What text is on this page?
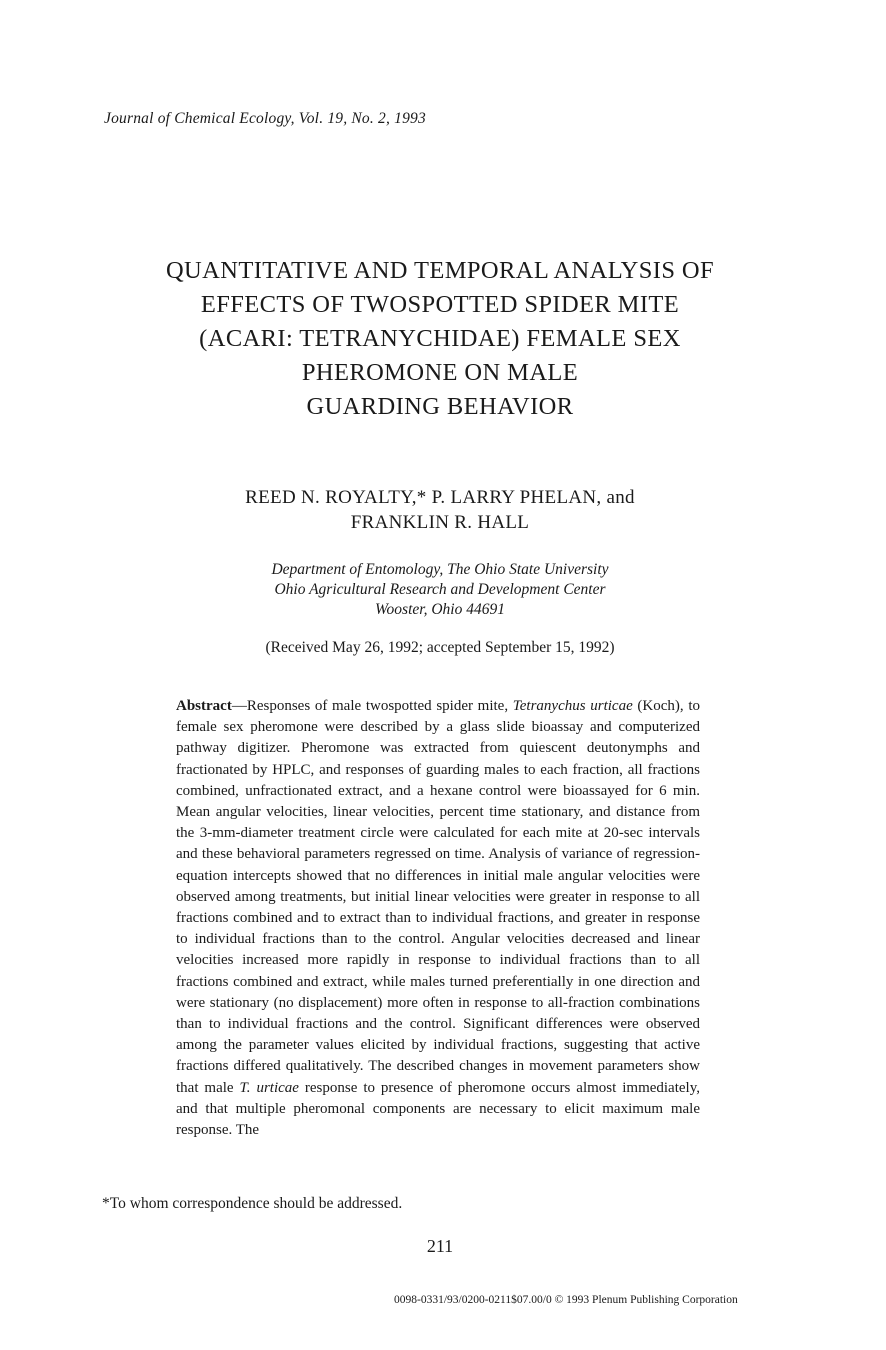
Journal of Chemical Ecology, Vol. 19, No. 2, 1993
QUANTITATIVE AND TEMPORAL ANALYSIS OF
EFFECTS OF TWOSPOTTED SPIDER MITE
(ACARI: TETRANYCHIDAE) FEMALE SEX
PHEROMONE ON MALE
GUARDING BEHAVIOR
REED N. ROYALTY,* P. LARRY PHELAN, and
FRANKLIN R. HALL
Department of Entomology, The Ohio State University
Ohio Agricultural Research and Development Center
Wooster, Ohio 44691
(Received May 26, 1992; accepted September 15, 1992)
Abstract—Responses of male twospotted spider mite, Tetranychus urticae (Koch), to female sex pheromone were described by a glass slide bioassay and computerized pathway digitizer. Pheromone was extracted from quiescent deutonymphs and fractionated by HPLC, and responses of guarding males to each fraction, all fractions combined, unfractionated extract, and a hexane control were bioassayed for 6 min. Mean angular velocities, linear velocities, percent time stationary, and distance from the 3-mm-diameter treatment circle were calculated for each mite at 20-sec intervals and these behavioral parameters regressed on time. Analysis of variance of regression-equation intercepts showed that no differences in initial male angular velocities were observed among treatments, but initial linear velocities were greater in response to all fractions combined and to extract than to individual fractions, and greater in response to individual fractions than to the control. Angular velocities decreased and linear velocities increased more rapidly in response to individual fractions than to all fractions combined and extract, while males turned preferentially in one direction and were stationary (no displacement) more often in response to all-fraction combinations than to individual fractions and the control. Significant differences were observed among the parameter values elicited by individual fractions, suggesting that active fractions differed qualitatively. The described changes in movement parameters show that male T. urticae response to presence of pheromone occurs almost immediately, and that multiple pheromonal components are necessary to elicit maximum male response. The
*To whom correspondence should be addressed.
211
0098-0331/93/0200-0211$07.00/0 © 1993 Plenum Publishing Corporation
